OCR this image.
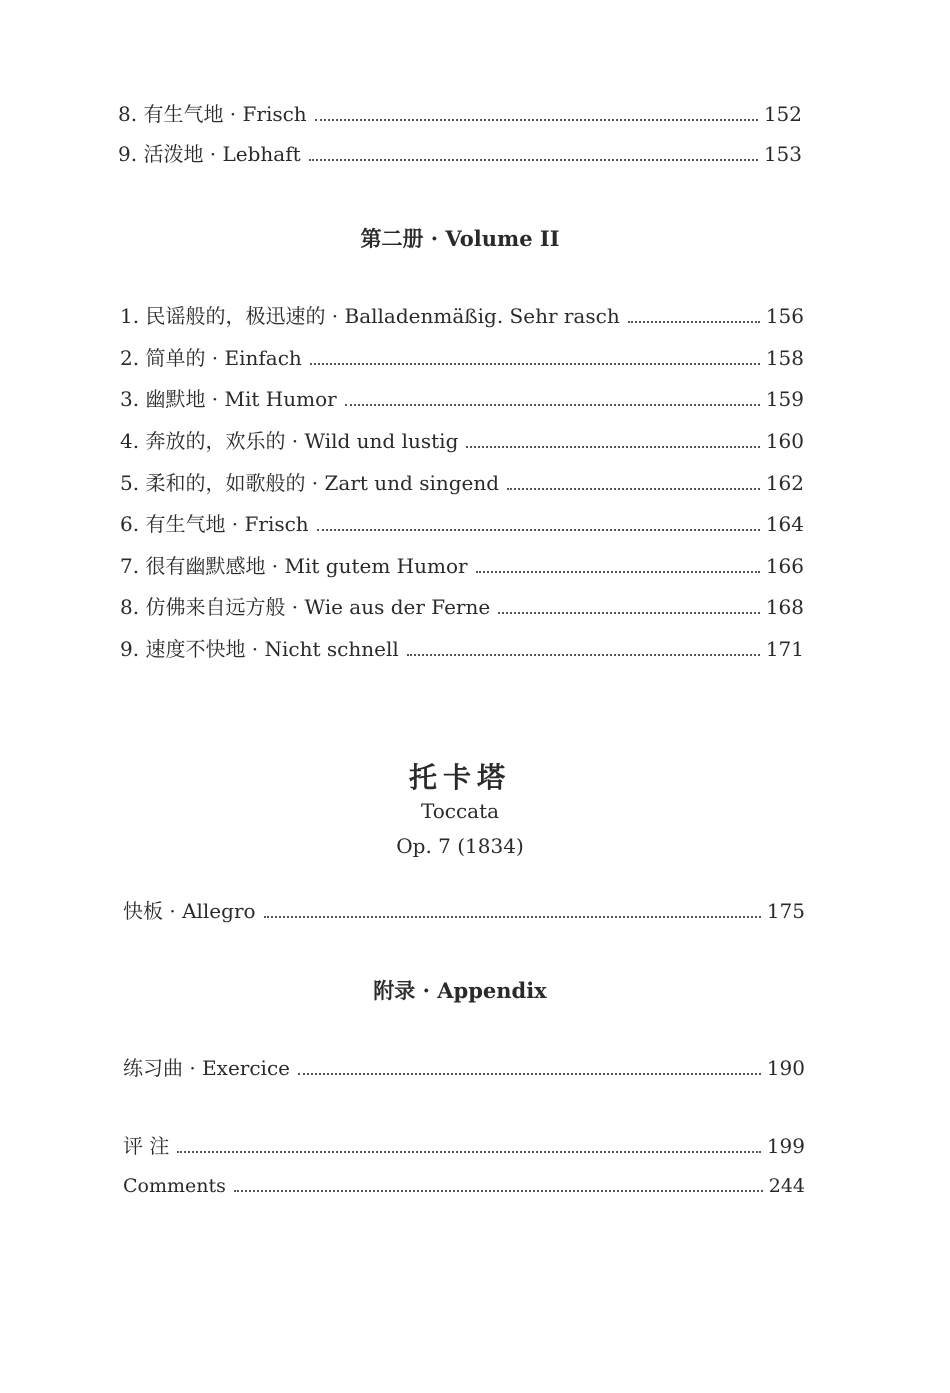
8. 有生气地 · Frisch	152
9. 活泼地 · Lebhaft	153
第二册 · Volume II
1. 民谣般的，极迅速的 · Balladenmäßig. Sehr rasch	156
2. 简单的 · Einfach	158
3. 幽默地 · Mit Humor	159
4. 奔放的，欢乐的 · Wild und lustig	160
5. 柔和的，如歌般的 · Zart und singend	162
6. 有生气地 · Frisch	164
7. 很有幽默感地 · Mit gutem Humor	166
8. 仿佛来自远方般 · Wie aus der Ferne	168
9. 速度不快地 · Nicht schnell	171
托卡塔
Toccata
Op. 7 (1834)
快板 · Allegro	175
附录 · Appendix
练习曲 · Exercice	190
评 注	199
Comments	244
